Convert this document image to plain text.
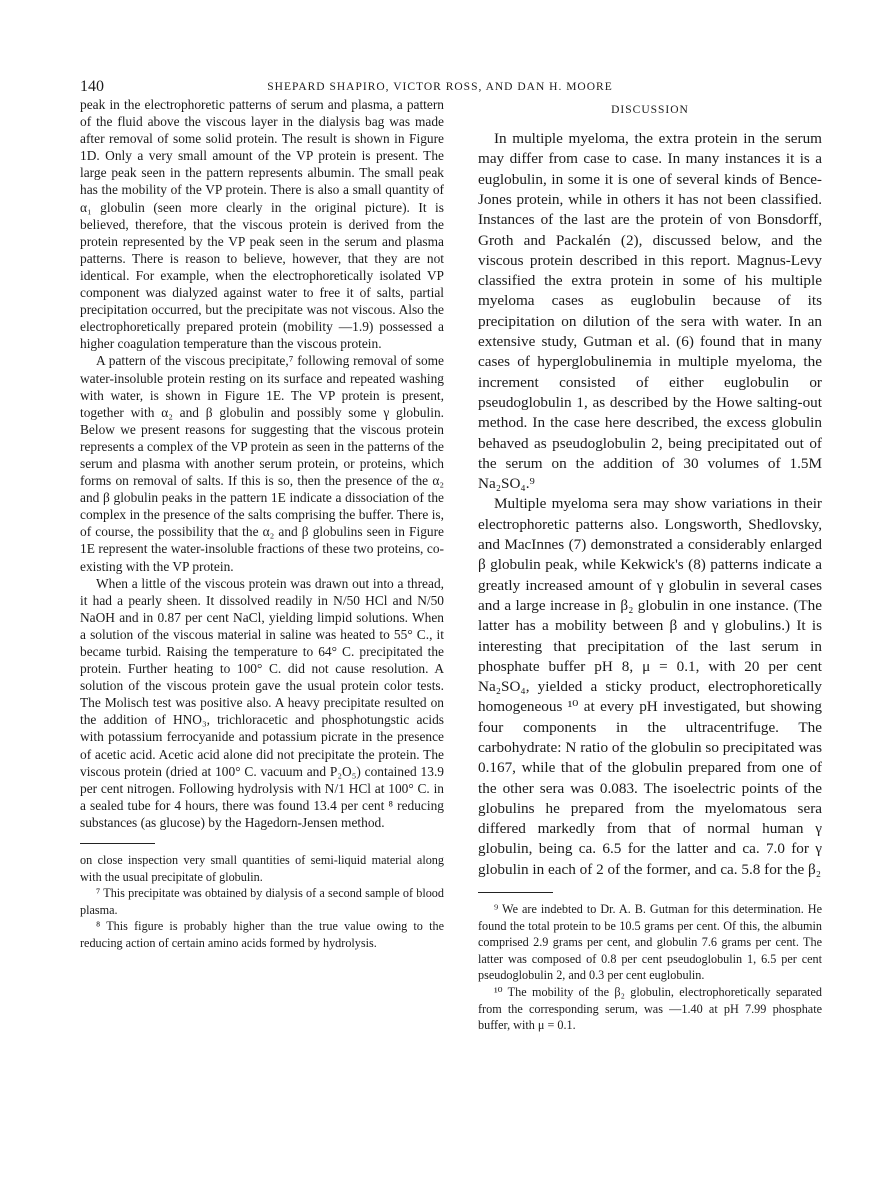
140	SHEPARD SHAPIRO, VICTOR ROSS, AND DAN H. MOORE

peak in the electrophoretic patterns of serum and plasma, a pattern of the fluid above the viscous layer in the dialysis bag was made after removal of some solid protein. The result is shown in Figure 1D. Only a very small amount of the VP protein is present. The large peak seen in the pattern represents albumin. The small peak has the mobility of the VP protein. There is also a small quantity of α₁ globulin (seen more clearly in the original picture). It is believed, therefore, that the viscous protein is derived from the protein represented by the VP peak seen in the serum and plasma patterns. There is reason to believe, however, that they are not identical. For example, when the electrophoretically isolated VP component was dialyzed against water to free it of salts, partial precipitation occurred, but the precipitate was not viscous. Also the electrophoretically prepared protein (mobility —1.9) possessed a higher coagulation temperature than the viscous protein.

A pattern of the viscous precipitate,⁷ following removal of some water-insoluble protein resting on its surface and repeated washing with water, is shown in Figure 1E. The VP protein is present, together with α₂ and β globulin and possibly some γ globulin. Below we present reasons for suggesting that the viscous protein represents a complex of the VP protein as seen in the patterns of the serum and plasma with another serum protein, or proteins, which forms on removal of salts. If this is so, then the presence of the α₂ and β globulin peaks in the pattern 1E indicate a dissociation of the complex in the presence of the salts comprising the buffer. There is, of course, the possibility that the α₂ and β globulins seen in Figure 1E represent the water-insoluble fractions of these two proteins, co-existing with the VP protein.

When a little of the viscous protein was drawn out into a thread, it had a pearly sheen. It dissolved readily in N/50 HCl and N/50 NaOH and in 0.87 per cent NaCl, yielding limpid solutions. When a solution of the viscous material in saline was heated to 55° C., it became turbid. Raising the temperature to 64° C. precipitated the protein. Further heating to 100° C. did not cause resolution. A solution of the viscous protein gave the usual protein color tests. The Molisch test was positive also. A heavy precipitate resulted on the addition of HNO₃, trichloracetic and phosphotungstic acids with potassium ferrocyanide and potassium picrate in the presence of acetic acid. Acetic acid alone did not precipitate the protein. The viscous protein (dried at 100° C. vacuum and P₂O₅) contained 13.9 per cent nitrogen. Following hydrolysis with N/1 HCl at 100° C. in a sealed tube for 4 hours, there was found 13.4 per cent ⁸ reducing substances (as glucose) by the Hagedorn-Jensen method.

on close inspection very small quantities of semi-liquid material along with the usual precipitate of globulin.

⁷ This precipitate was obtained by dialysis of a second sample of blood plasma.

⁸ This figure is probably higher than the true value owing to the reducing action of certain amino acids formed by hydrolysis.

DISCUSSION

In multiple myeloma, the extra protein in the serum may differ from case to case. In many instances it is a euglobulin, in some it is one of several kinds of Bence-Jones protein, while in others it has not been classified. Instances of the last are the protein of von Bonsdorff, Groth and Packalén (2), discussed below, and the viscous protein described in this report. Magnus-Levy classified the extra protein in some of his multiple myeloma cases as euglobulin because of its precipitation on dilution of the sera with water. In an extensive study, Gutman et al. (6) found that in many cases of hyperglobulinemia in multiple myeloma, the increment consisted of either euglobulin or pseudoglobulin 1, as described by the Howe salting-out method. In the case here described, the excess globulin behaved as pseudoglobulin 2, being precipitated out of the serum on the addition of 30 volumes of 1.5M Na₂SO₄.⁹

Multiple myeloma sera may show variations in their electrophoretic patterns also. Longsworth, Shedlovsky, and MacInnes (7) demonstrated a considerably enlarged β globulin peak, while Kekwick's (8) patterns indicate a greatly increased amount of γ globulin in several cases and a large increase in β₂ globulin in one instance. (The latter has a mobility between β and γ globulins.) It is interesting that precipitation of the last serum in phosphate buffer pH 8, μ = 0.1, with 20 per cent Na₂SO₄, yielded a sticky product, electrophoretically homogeneous ¹⁰ at every pH investigated, but showing four components in the ultracentrifuge. The carbohydrate: N ratio of the globulin so precipitated was 0.167, while that of the globulin prepared from one of the other sera was 0.083. The isoelectric points of the globulins he prepared from the myelomatous sera differed markedly from that of normal human γ globulin, being ca. 6.5 for the latter and ca. 7.0 for γ globulin in each of 2 of the former, and ca. 5.8 for the β₂

⁹ We are indebted to Dr. A. B. Gutman for this determination. He found the total protein to be 10.5 grams per cent. Of this, the albumin comprised 2.9 grams per cent, and globulin 7.6 grams per cent. The latter was composed of 0.8 per cent pseudoglobulin 1, 6.5 per cent pseudoglobulin 2, and 0.3 per cent euglobulin.

¹⁰ The mobility of the β₂ globulin, electrophoretically separated from the corresponding serum, was —1.40 at pH 7.99 phosphate buffer, with μ = 0.1.
